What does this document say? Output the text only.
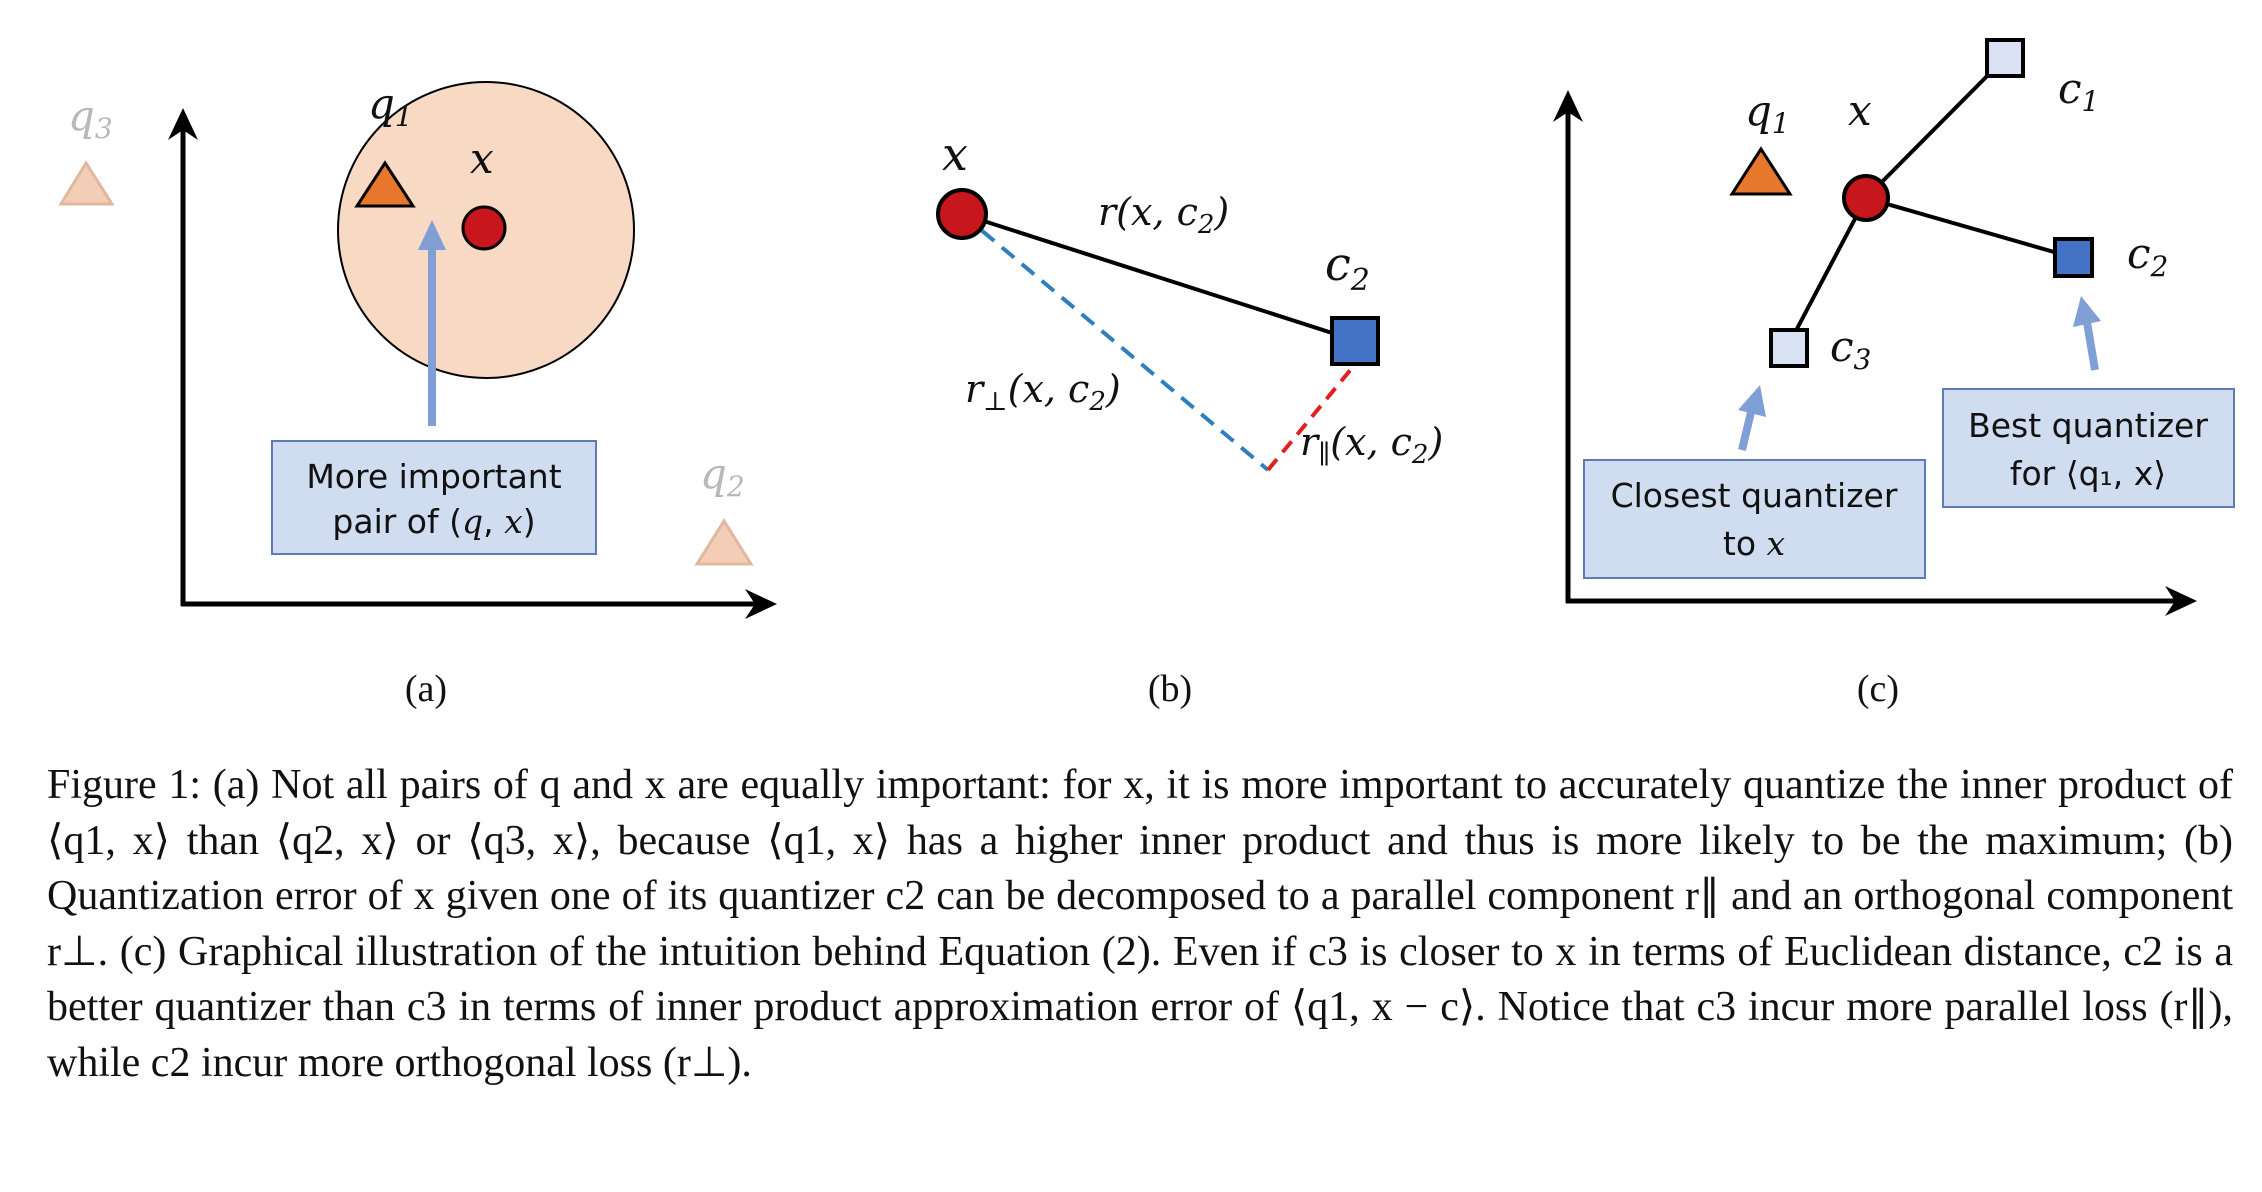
More important
pair of (q, x)
q3
q1
x
q2
(a)
x
$c_2$
r(x, $c_2$)
$r_\perp(x$, $c_2$)
$r_\parallel(x$, $c_2$)
(b)
q1 x	c1
c2
c3
Closest quantizer
to x
Best quantizer
for ⟨q₁, x⟩
(c)
Figure 1: (a) Not all pairs of q and x are equally important: for x, it is more important to accurately quantize the inner product of ⟨q1, x⟩ than ⟨q2, x⟩ or ⟨q3, x⟩, because ⟨q1, x⟩ has a higher inner product and thus is more likely to be the maximum; (b) Quantization error of x given one of its quantizer c2 can be decomposed to a parallel component r∥ and an orthogonal component r⊥. (c) Graphical illustration of the intuition behind Equation (2). Even if c3 is closer to x in terms of Euclidean distance, c2 is a better quantizer than c3 in terms of inner product approximation error of ⟨q1, x − c⟩. Notice that c3 incur more parallel loss (r∥), while c2 incur more orthogonal loss (r⊥).
